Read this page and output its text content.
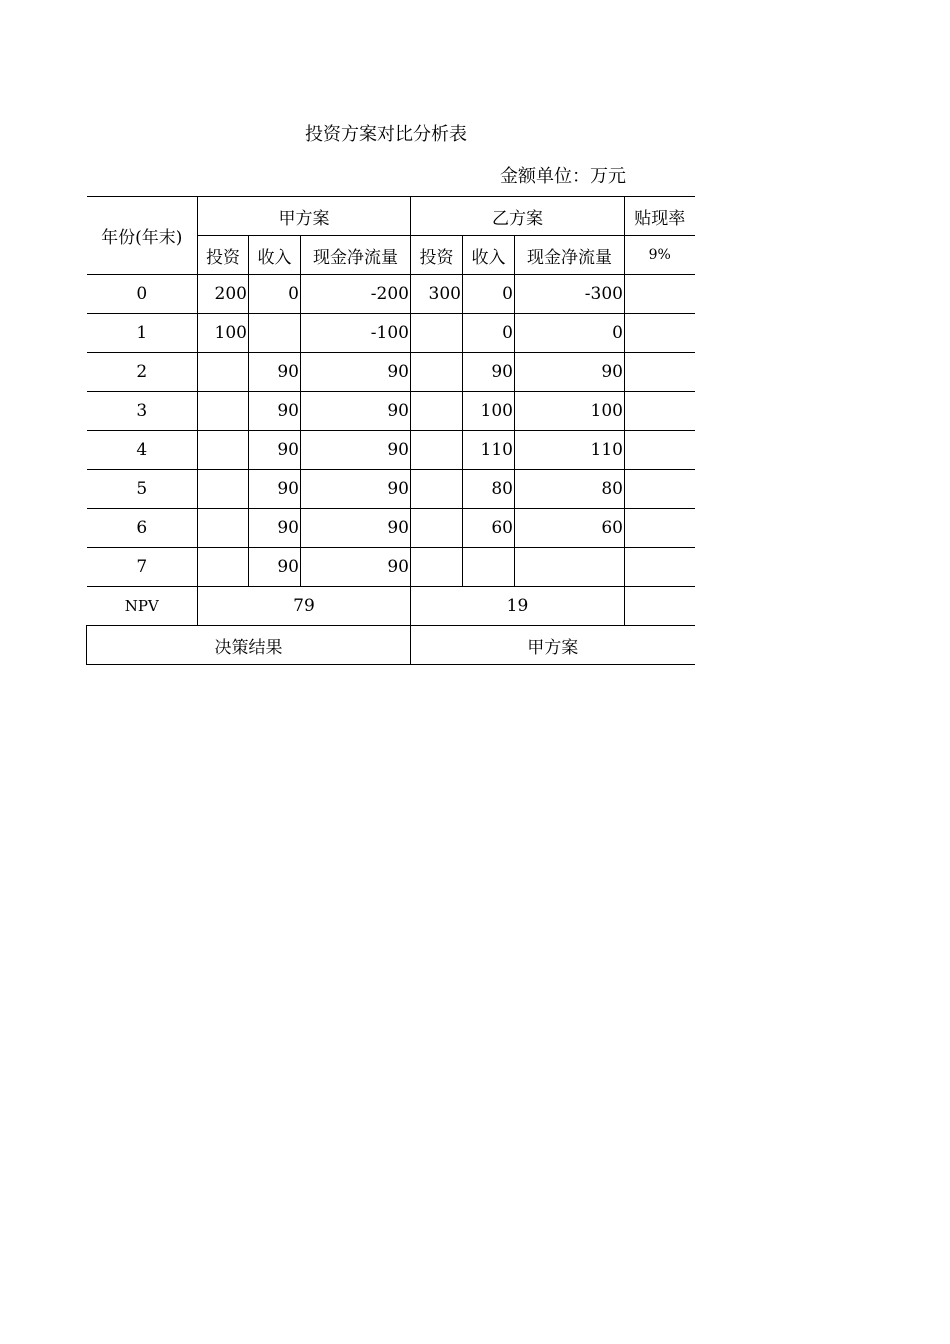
投资方案对比分析表
金额单位：万元
年份(年末)	甲方案			乙方案			贴现率
	投资	收入	现金净流量	投资	收入	现金净流量	9%
0	200	0	-200	300	0	-300	
1	100		-100		0	0	
2		90	90		90	90	
3		90	90		100	100	
4		90	90		110	110	
5		90	90		80	80	
6		90	90		60	60	
7		90	90				
NPV	79			19			
决策结果				甲方案			
